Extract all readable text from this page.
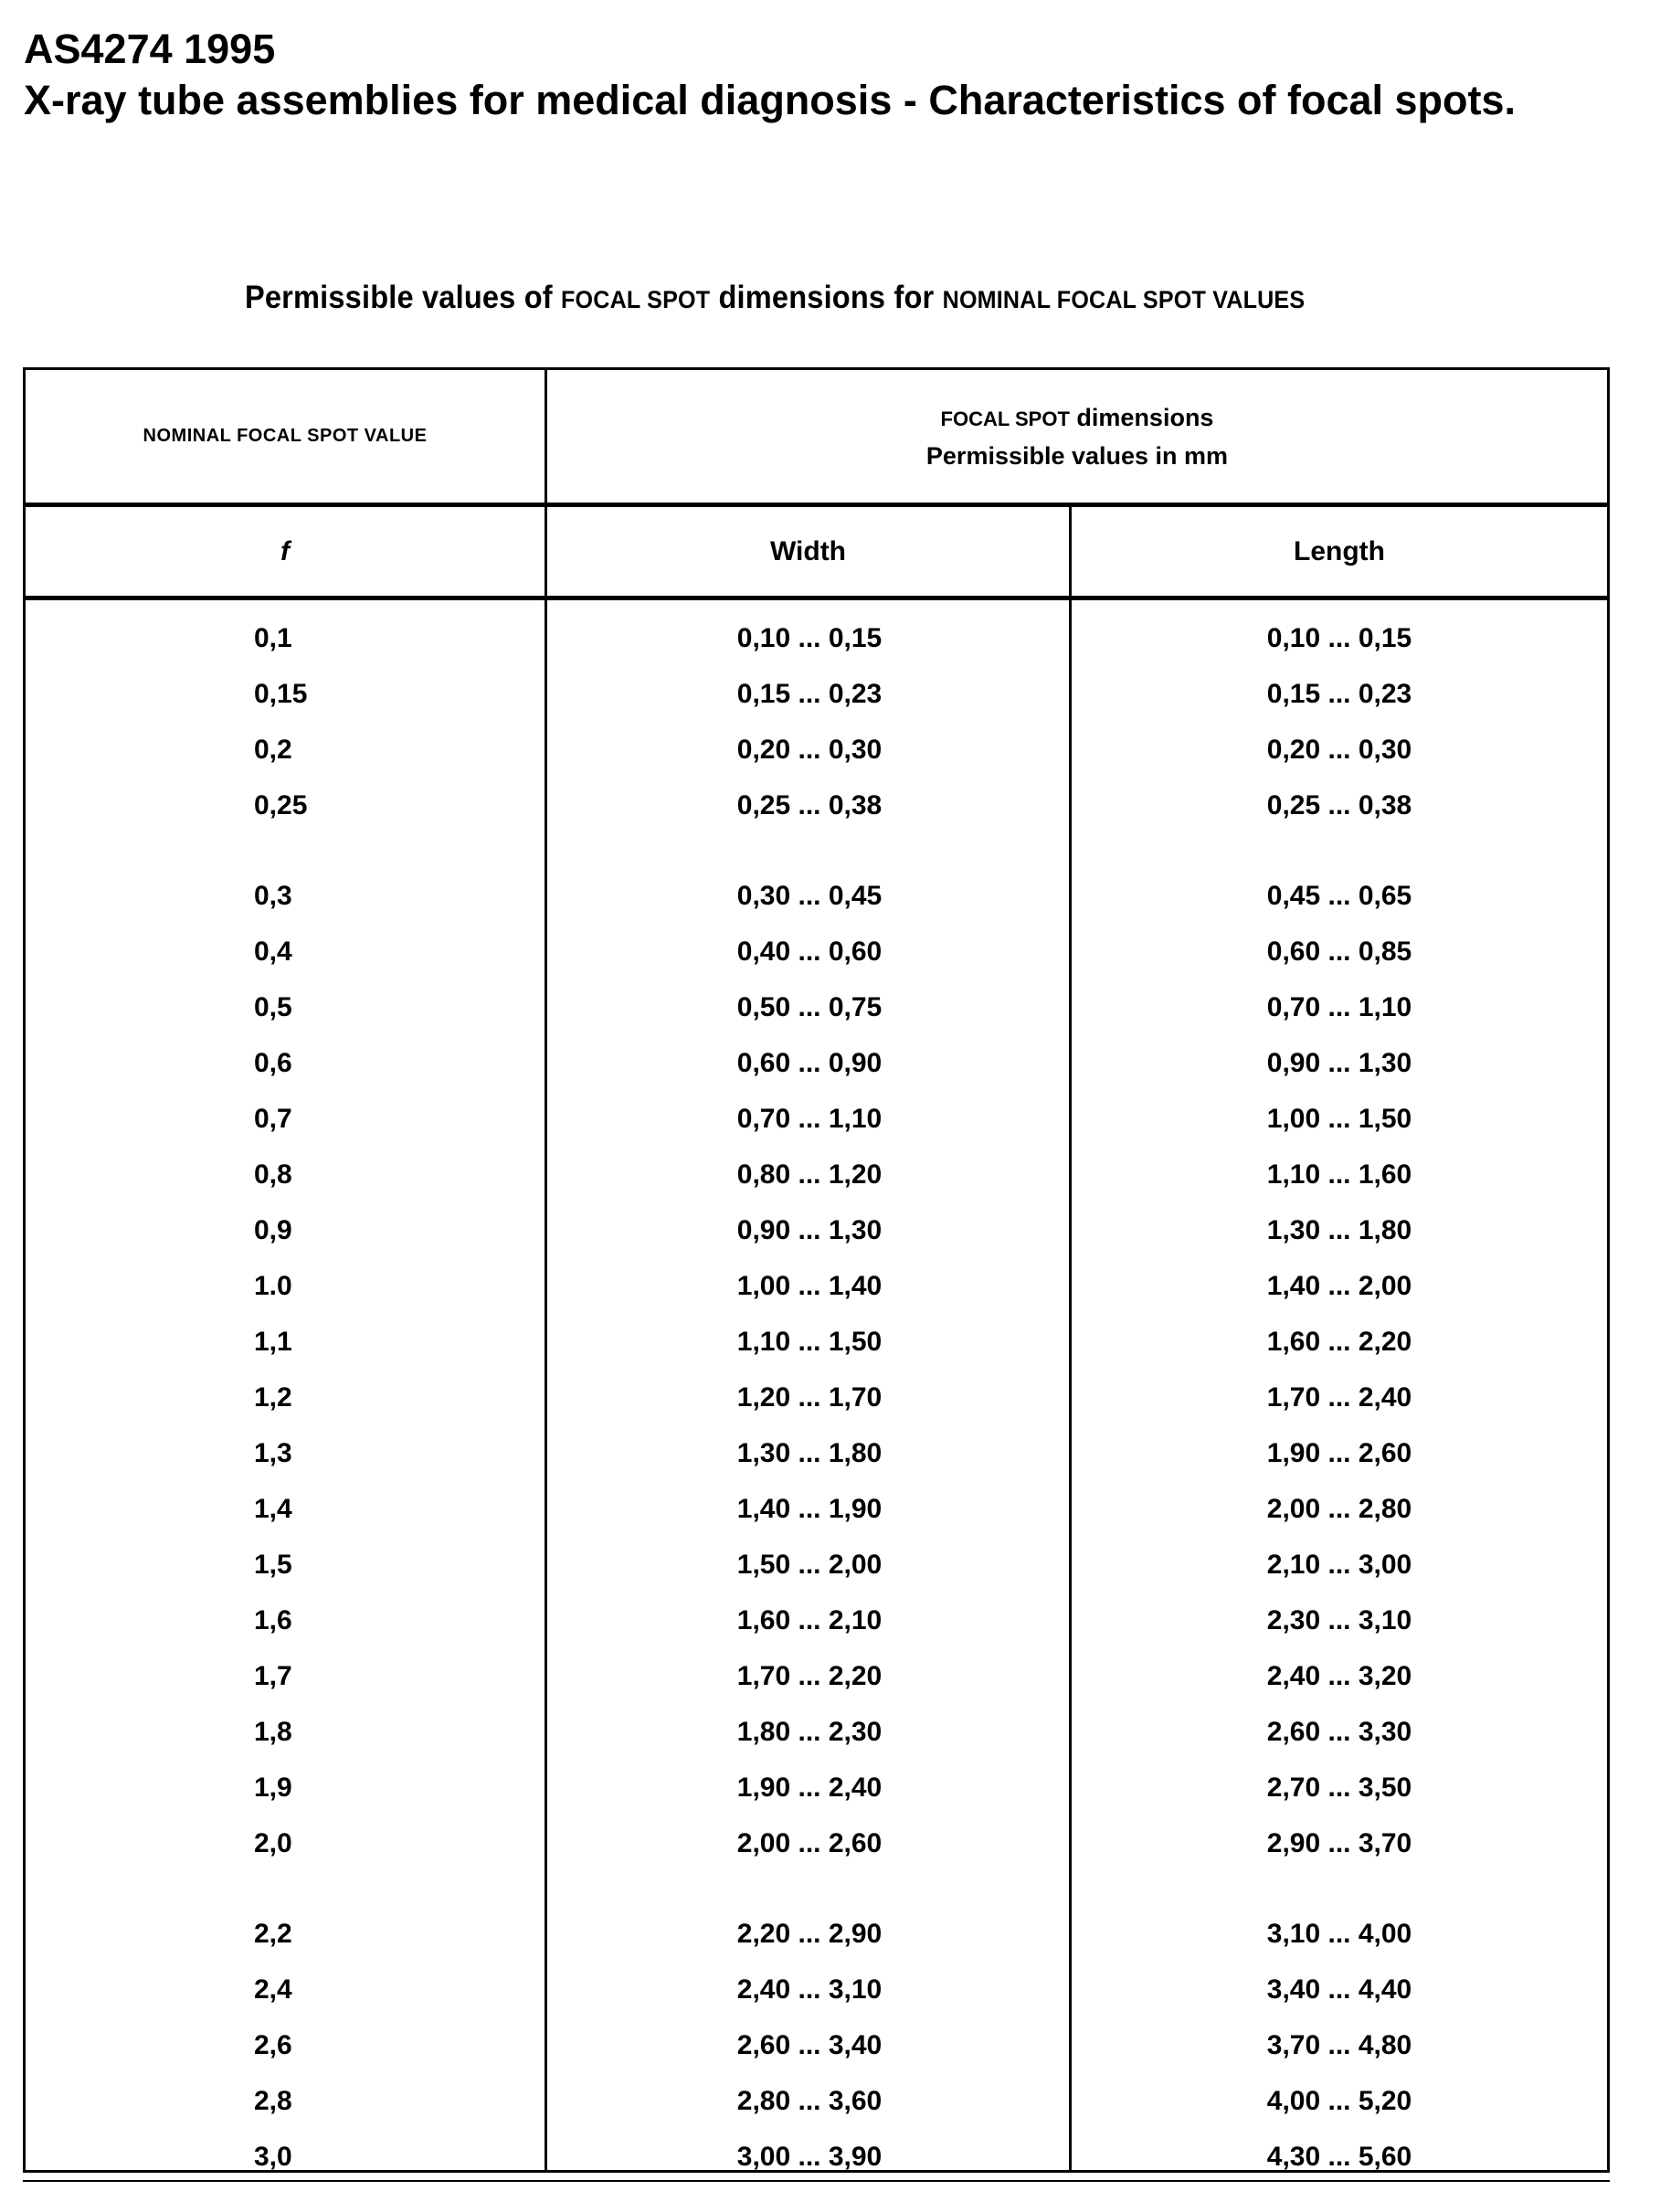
AS4274 1995
X-ray tube assemblies for medical diagnosis - Characteristics of focal spots.
Permissible values of FOCAL SPOT dimensions for NOMINAL FOCAL SPOT VALUES
NOMINAL FOCAL SPOT VALUE
FOCAL SPOT dimensions
Permissible values in mm
f	Width	Length
0,1	0,10 ... 0,15	0,10 ... 0,15
0,15	0,15 ... 0,23	0,15 ... 0,23
0,2	0,20 ... 0,30	0,20 ... 0,30
0,25	0,25 ... 0,38	0,25 ... 0,38
0,3	0,30 ... 0,45	0,45 ... 0,65
0,4	0,40 ... 0,60	0,60 ... 0,85
0,5	0,50 ... 0,75	0,70 ... 1,10
0,6	0,60 ... 0,90	0,90 ... 1,30
0,7	0,70 ... 1,10	1,00 ... 1,50
0,8	0,80 ... 1,20	1,10 ... 1,60
0,9	0,90 ... 1,30	1,30 ... 1,80
1.0	1,00 ... 1,40	1,40 ... 2,00
1,1	1,10 ... 1,50	1,60 ... 2,20
1,2	1,20 ... 1,70	1,70 ... 2,40
1,3	1,30 ... 1,80	1,90 ... 2,60
1,4	1,40 ... 1,90	2,00 ... 2,80
1,5	1,50 ... 2,00	2,10 ... 3,00
1,6	1,60 ... 2,10	2,30 ... 3,10
1,7	1,70 ... 2,20	2,40 ... 3,20
1,8	1,80 ... 2,30	2,60 ... 3,30
1,9	1,90 ... 2,40	2,70 ... 3,50
2,0	2,00 ... 2,60	2,90 ... 3,70
2,2	2,20 ... 2,90	3,10 ... 4,00
2,4	2,40 ... 3,10	3,40 ... 4,40
2,6	2,60 ... 3,40	3,70 ... 4,80
2,8	2,80 ... 3,60	4,00 ... 5,20
3,0	3,00 ... 3,90	4,30 ... 5,60
